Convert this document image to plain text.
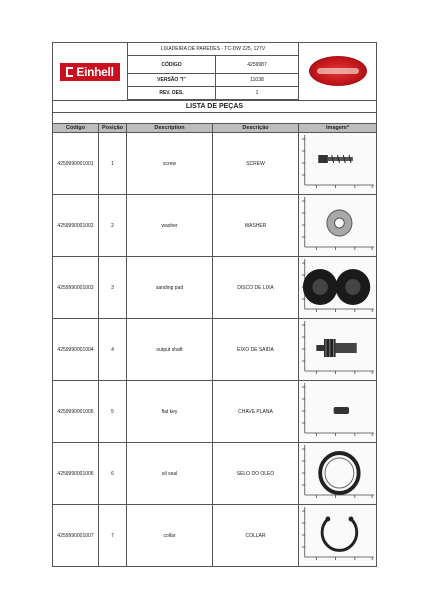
Einhell	LIXADEIRA DE PAREDES - TC-DW 225, 127V		
	CÓDIGO	4259987	
	VERSÃO "I"	11038	
	REV. DES.	1	

LISTA DE PEÇAS			

Código	Posição	Description	Descrição	Imagem*
4259990001001	1	screw	SCREW	

4259990001002	2	washer	WASHER	

4259990001003	3	sanding pad	DISCO DE LIXA	

4259990001004	4	output shaft	EIXO DE SAIDA	

4259990001005	5	flat key	CHAVE PLANA	

4259990001006	6	oil seal	SELO DO OLEO	

4259990001007	7	collar	COLLAR	
